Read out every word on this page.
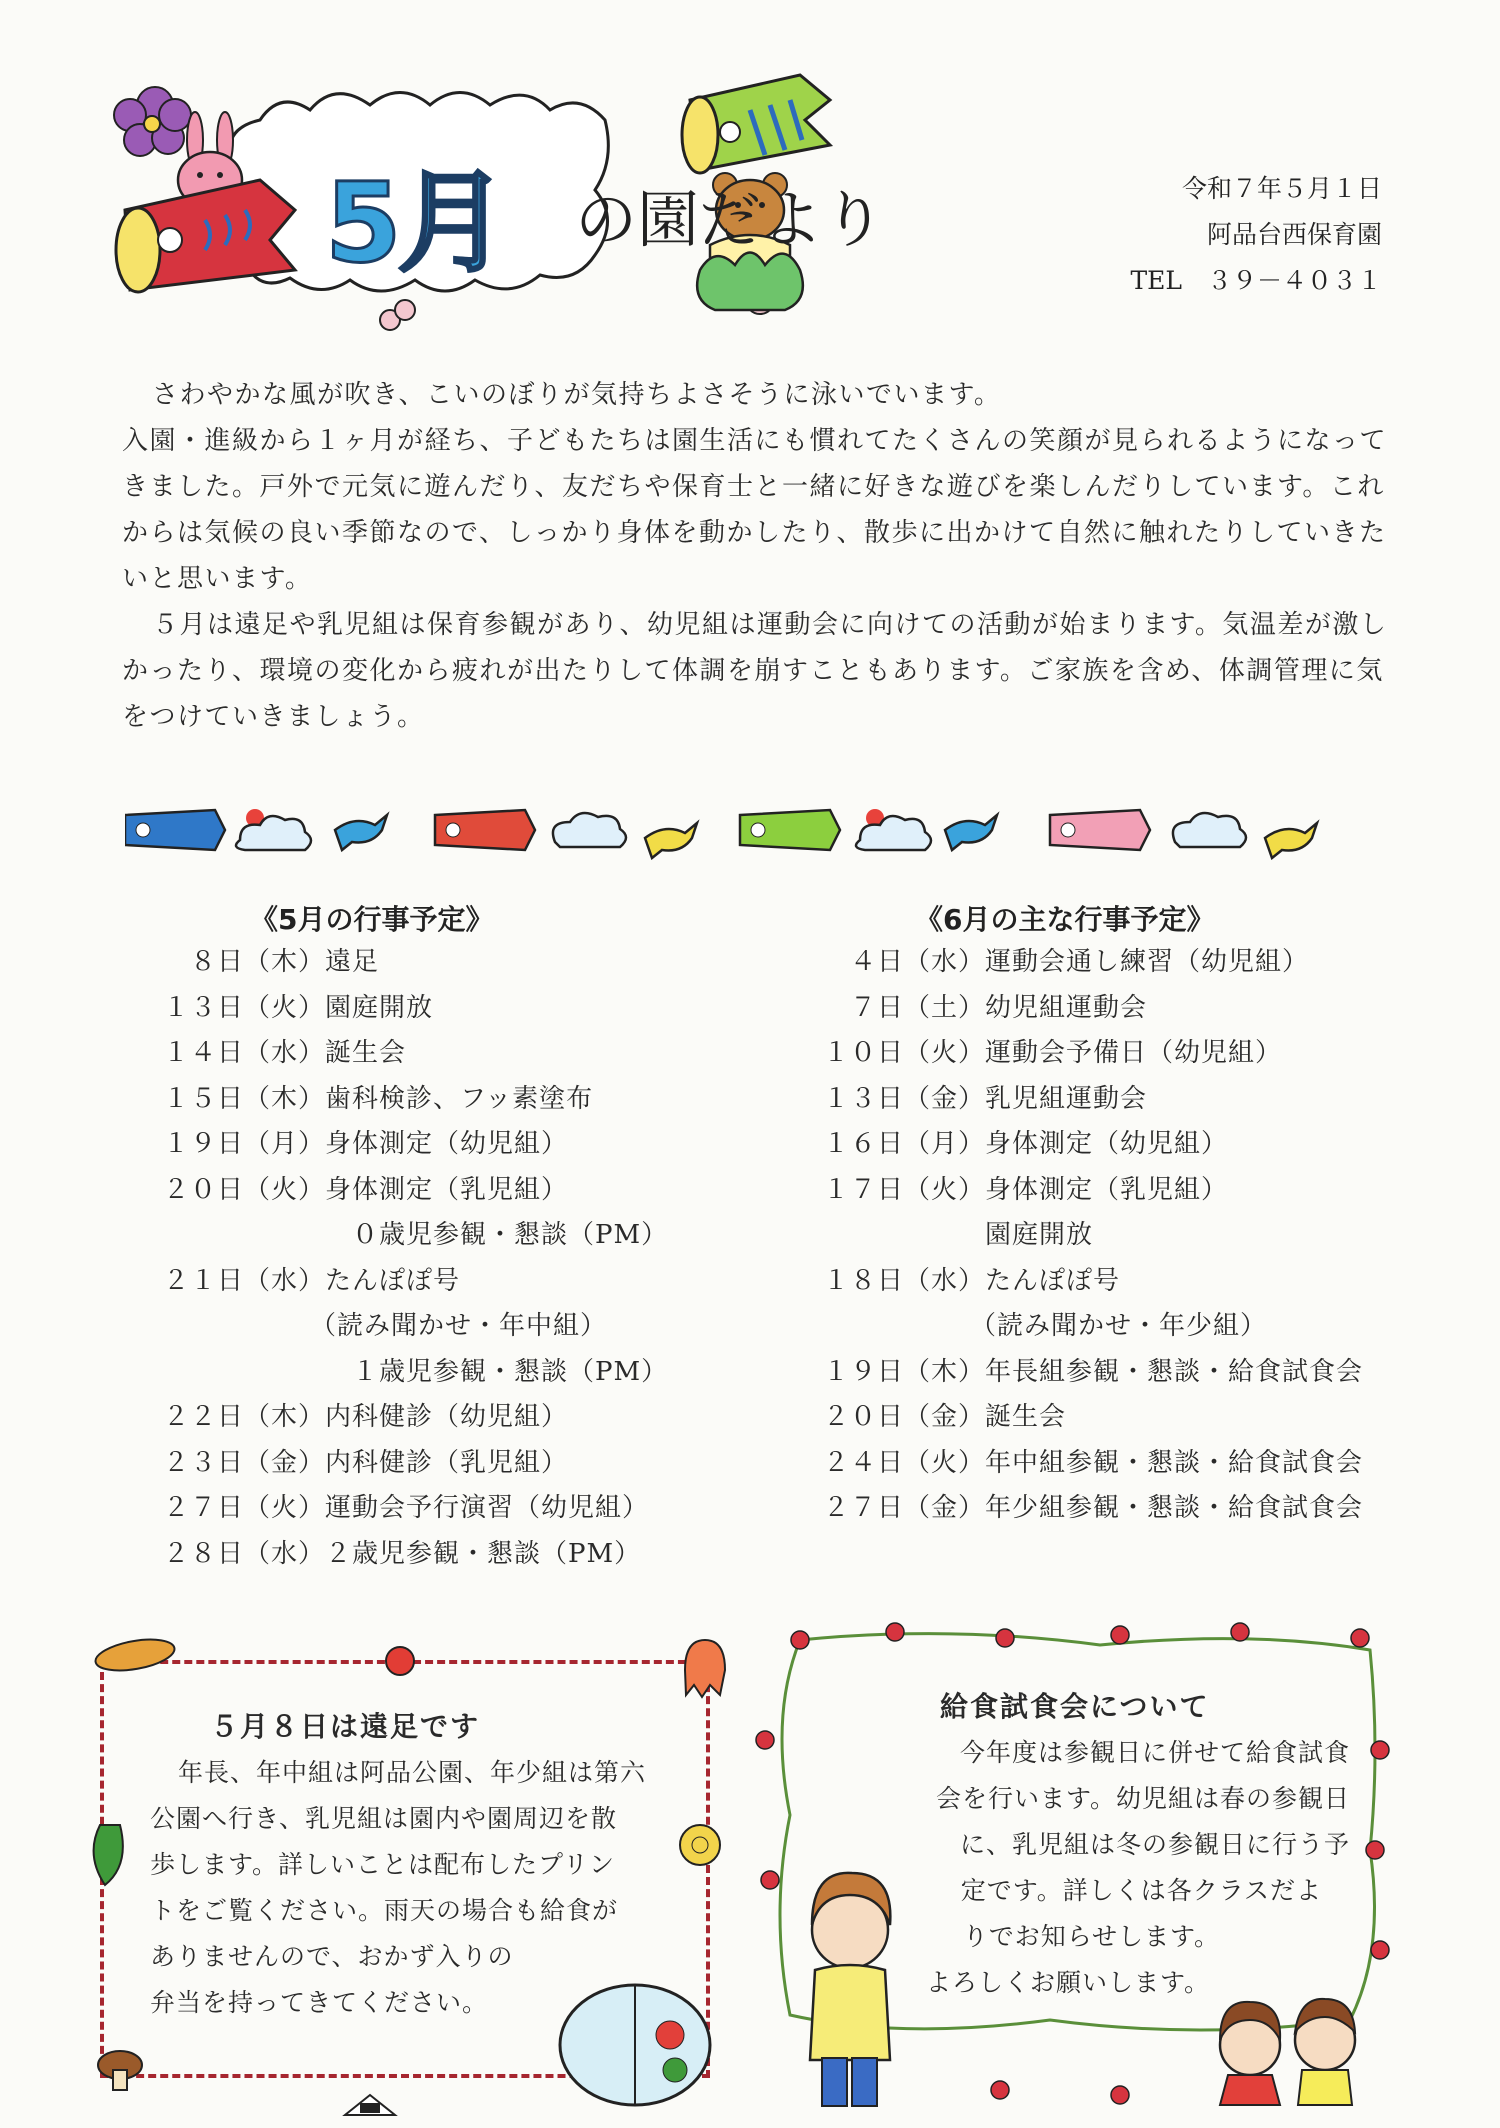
5月 の園だより	令和７年５月１日
阿品台西保育園
TEL　３９－４０３１

さわやかな風が吹き、こいのぼりが気持ちよさそうに泳いでいます。

入園・進級から１ヶ月が経ち、子どもたちは園生活にも慣れてたくさんの笑顔が見られるようになってきました。戸外で元気に遊んだり、友だちや保育士と一緒に好きな遊びを楽しんだりしています。これからは気候の良い季節なので、しっかり身体を動かしたり、散歩に出かけて自然に触れたりしていきたいと思います。

５月は遠足や乳児組は保育参観があり、幼児組は運動会に向けての活動が始まります。気温差が激しかったり、環境の変化から疲れが出たりして体調を崩すこともあります。ご家族を含め、体調管理に気をつけていきましょう。

《5月の行事予定》
８日（木）遠足
１３日（火）園庭開放
１４日（水）誕生会
１５日（木）歯科検診、フッ素塗布
１９日（月）身体測定（幼児組）
２０日（火）身体測定（乳児組）
　０歳児参観・懇談（PM）
２１日（水）たんぽぽ号
（読み聞かせ・年中組）
　１歳児参観・懇談（PM）
２２日（木）内科健診（幼児組）
２３日（金）内科健診（乳児組）
２７日（火）運動会予行演習（幼児組）
２８日（水）２歳児参観・懇談（PM）
《6月の主な行事予定》
４日（水）運動会通し練習（幼児組）
７日（土）幼児組運動会
１０日（火）運動会予備日（幼児組）
１３日（金）乳児組運動会
１６日（月）身体測定（幼児組）
１７日（火）身体測定（乳児組）
園庭開放
１８日（水）たんぽぽ号
（読み聞かせ・年少組）
１９日（木）年長組参観・懇談・給食試食会
２０日（金）誕生会
２４日（火）年中組参観・懇談・給食試食会
２７日（金）年少組参観・懇談・給食試食会
５月８日は遠足です
年長、年中組は阿品公園、年少組は第六
公園へ行き、乳児組は園内や園周辺を散
歩します。詳しいことは配布したプリン
トをご覧ください。雨天の場合も給食が
ありませんので、おかず入りの
弁当を持ってきてください。
給食試食会について
今年度は参観日に併せて給食試食
会を行います。幼児組は春の参観日
に、乳児組は冬の参観日に行う予
定です。詳しくは各クラスだよ
りでお知らせします。
よろしくお願いします。
